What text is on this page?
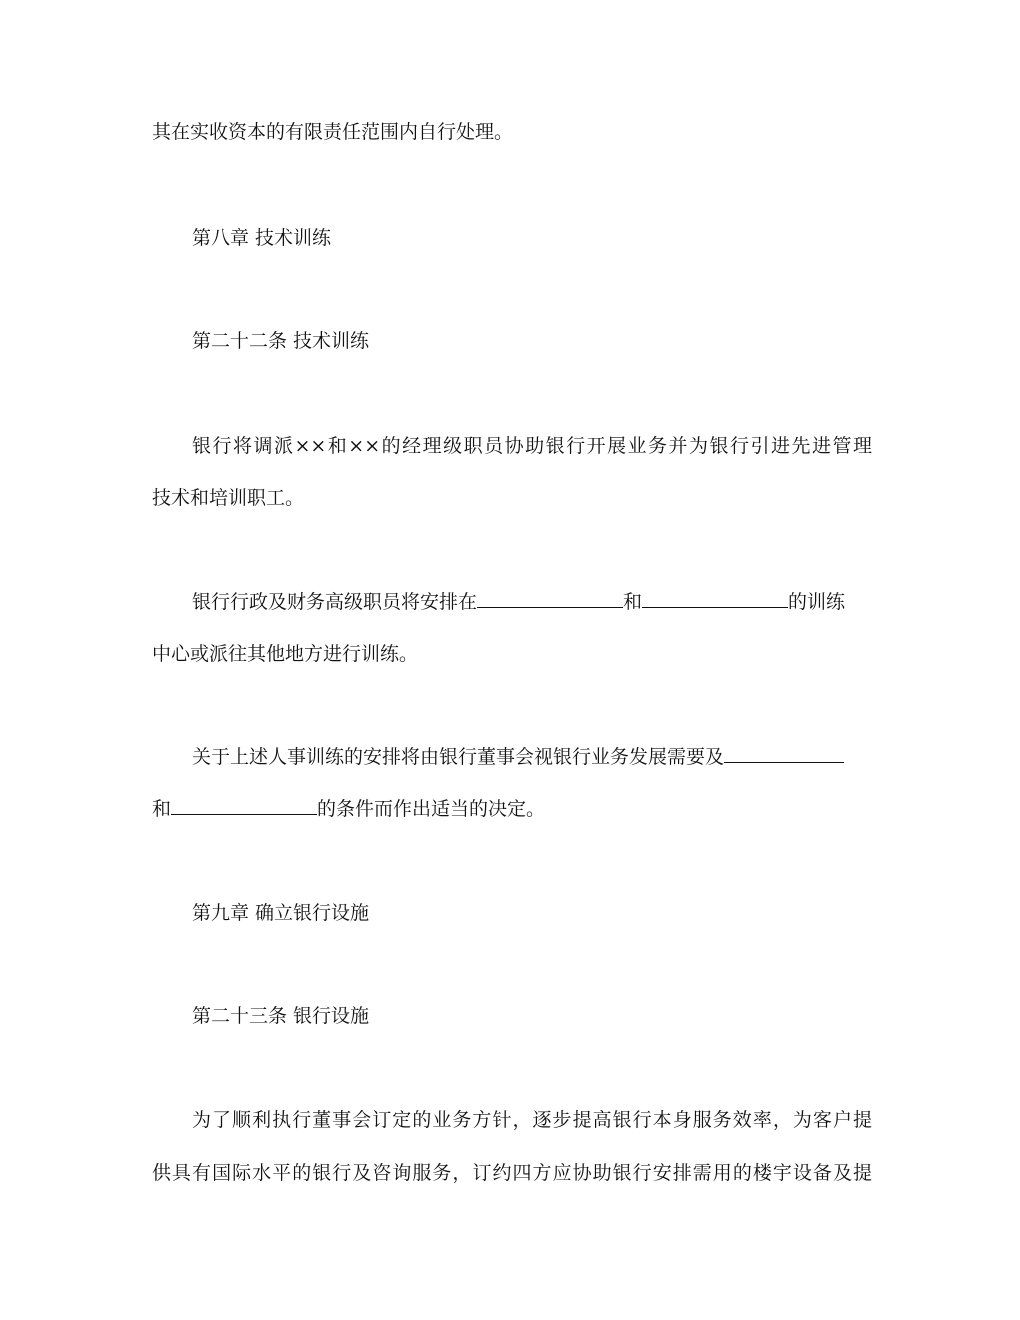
其在实收资本的有限责任范围内自行处理。
第八章 技术训练
第二十二条 技术训练
银行将调派××和××的经理级职员协助银行开展业务并为银行引进先进管理
技术和培训职工。
银行行政及财务高级职员将安排在	和	的训练
中心或派往其他地方进行训练。
关于上述人事训练的安排将由银行董事会视银行业务发展需要及
和	的条件而作出适当的决定。
第九章 确立银行设施
第二十三条 银行设施
为了顺利执行董事会订定的业务方针，逐步提高银行本身服务效率，为客户提
供具有国际水平的银行及咨询服务，订约四方应协助银行安排需用的楼宇设备及提
